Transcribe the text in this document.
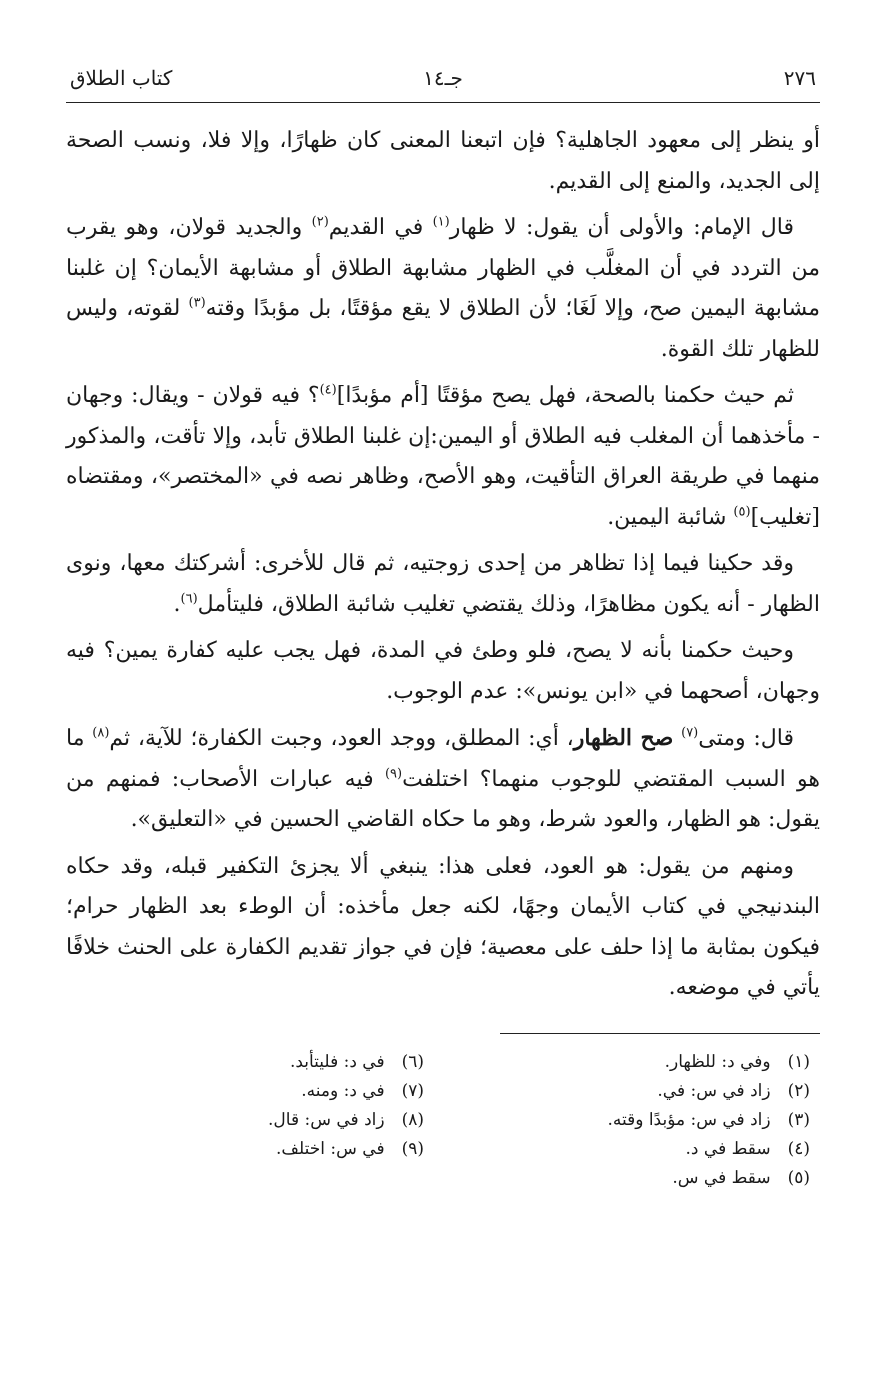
٢٧٦
جـ١٤
كتاب الطلاق

أو ينظر إلى معهود الجاهلية؟ فإن اتبعنا المعنى كان ظهارًا، وإلا فلا، ونسب الصحة إلى الجديد، والمنع إلى القديم.

قال الإمام: والأولى أن يقول: لا ظهار$^{(١)}$ في القديم$^{(٢)}$ والجديد قولان، وهو يقرب من التردد في أن المغلَّب في الظهار مشابهة الطلاق أو مشابهة الأيمان؟ إن غلبنا مشابهة اليمين صح، وإلا لَغَا؛ لأن الطلاق لا يقع مؤقتًا، بل مؤبدًا وقته$^{(٣)}$ لقوته، وليس للظهار تلك القوة.

ثم حيث حكمنا بالصحة، فهل يصح مؤقتًا [أم مؤبدًا]$^{(٤)}$؟ فيه قولان - ويقال: وجهان - مأخذهما أن المغلب فيه الطلاق أو اليمين:إن غلبنا الطلاق تأبد، وإلا تأقت، والمذكور منهما في طريقة العراق التأقيت، وهو الأصح، وظاهر نصه في «المختصر»، ومقتضاه [تغليب]$^{(٥)}$ شائبة اليمين.

وقد حكينا فيما إذا تظاهر من إحدى زوجتيه، ثم قال للأخرى: أشركتك معها، ونوى الظهار - أنه يكون مظاهرًا، وذلك يقتضي تغليب شائبة الطلاق، فليتأمل$^{(٦)}$.

وحيث حكمنا بأنه لا يصح، فلو وطئ في المدة، فهل يجب عليه كفارة يمين؟ فيه وجهان، أصحهما في «ابن يونس»: عدم الوجوب.

قال: ومتى$^{(٧)}$ صح الظهار، أي: المطلق، ووجد العود، وجبت الكفارة؛ للآية، ثم$^{(٨)}$ ما هو السبب المقتضي للوجوب منهما؟ اختلفت$^{(٩)}$ فيه عبارات الأصحاب: فمنهم من يقول: هو الظهار، والعود شرط، وهو ما حكاه القاضي الحسين في «التعليق».

ومنهم من يقول: هو العود، فعلى هذا: ينبغي ألا يجزئ التكفير قبله، وقد حكاه البندنيجي في كتاب الأيمان وجهًا، لكنه جعل مأخذه: أن الوطء بعد الظهار حرام؛ فيكون بمثابة ما إذا حلف على معصية؛ فإن في جواز تقديم الكفارة على الحنث خلافًا يأتي في موضعه.

(١) وفي د: للظهار.
(٢) زاد في س: في.
(٣) زاد في س: مؤبدًا وقته.
(٤) سقط في د.
(٥) سقط في س.
(٦) في د: فليتأبد.
(٧) في د: ومنه.
(٨) زاد في س: قال.
(٩) في س: اختلف.
